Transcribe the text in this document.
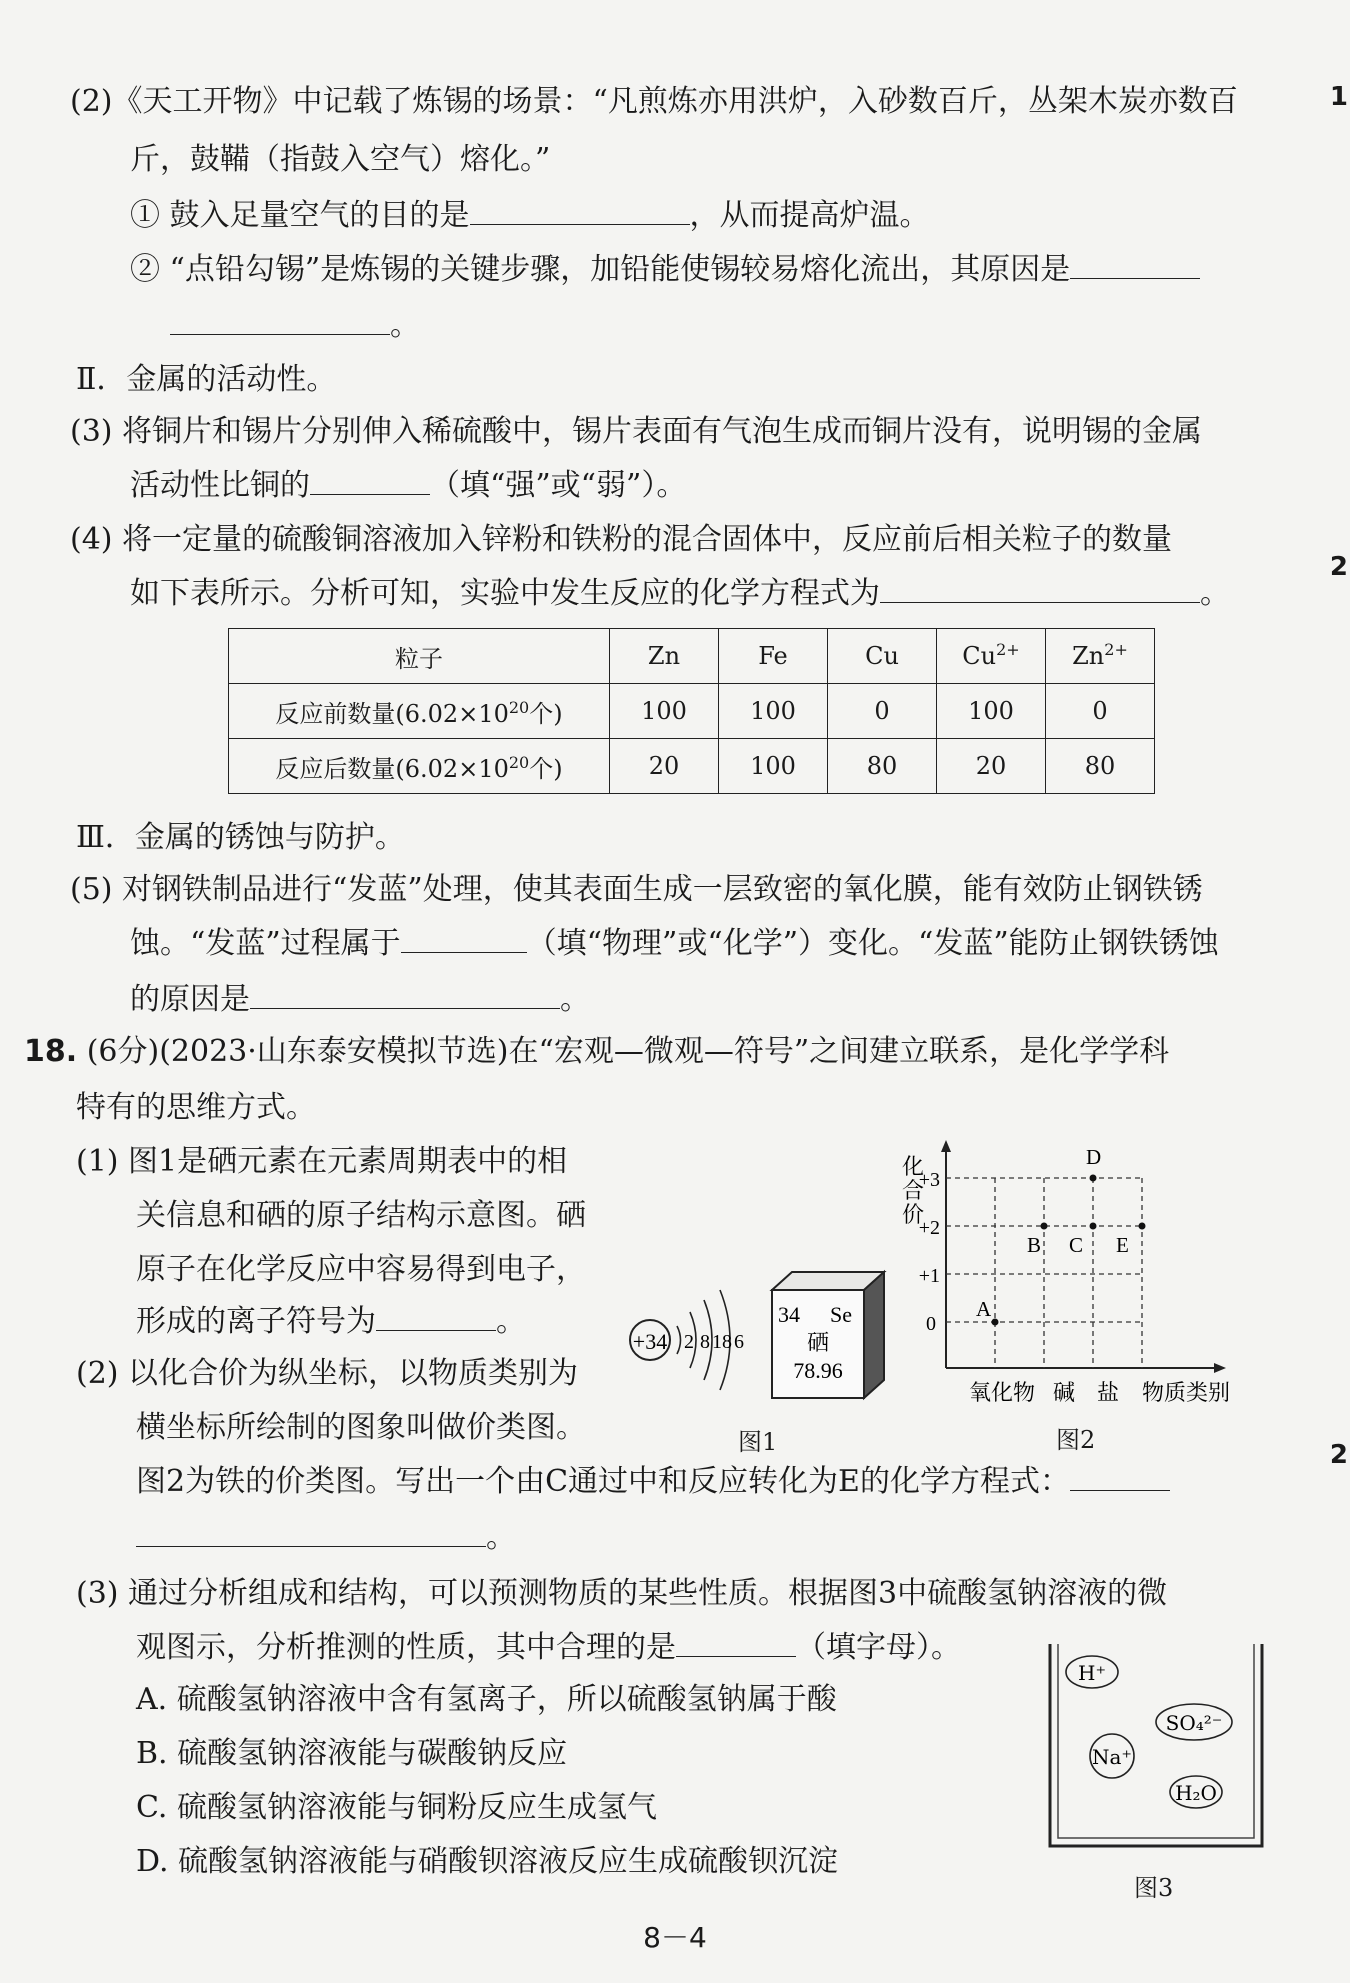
(2)《天工开物》中记载了炼锡的场景：“凡煎炼亦用洪炉，入砂数百斤，丛架木炭亦数百
斤，鼓鞴（指鼓入空气）熔化。”
① 鼓入足量空气的目的是	，从而提高炉温。
② “点铅勾锡”是炼锡的关键步骤，加铅能使锡较易熔化流出，其原因是
。
Ⅱ．金属的活动性。
(3) 将铜片和锡片分别伸入稀硫酸中，锡片表面有气泡生成而铜片没有，说明锡的金属
活动性比铜的	（填“强”或“弱”）。
(4) 将一定量的硫酸铜溶液加入锌粉和铁粉的混合固体中，反应前后相关粒子的数量
如下表所示。分析可知，实验中发生反应的化学方程式为	。
粒子	Zn	Fe	Cu	$Cu^{2+}$	$Zn^{2+}$
反应前数量($6.02\times 10^{20}$个)	100	100	0	100	0
反应后数量($6.02\times 10^{20}$个)	20	100	80	20	80
Ⅲ．金属的锈蚀与防护。
(5) 对钢铁制品进行“发蓝”处理，使其表面生成一层致密的氧化膜，能有效防止钢铁锈
蚀。“发蓝”过程属于	（填“物理”或“化学”）变化。“发蓝”能防止钢铁锈蚀
的原因是	。
18. (6分)(2023·山东泰安模拟节选)在“宏观—微观—符号”之间建立联系，是化学学科
特有的思维方式。
(1) 图1是硒元素在元素周期表中的相
关信息和硒的原子结构示意图。硒
原子在化学反应中容易得到电子，
形成的离子符号为	。
(2) 以化合价为纵坐标，以物质类别为
横坐标所绘制的图象叫做价类图。
图2为铁的价类图。写出一个由C通过中和反应转化为E的化学方程式：
。
(3) 通过分析组成和结构，可以预测物质的某些性质。根据图3中硫酸氢钠溶液的微
观图示，分析推测的性质，其中合理的是	（填字母）。
A. 硫酸氢钠溶液中含有氢离子，所以硫酸氢钠属于酸
B. 硫酸氢钠溶液能与碳酸钠反应
C. 硫酸氢钠溶液能与铜粉反应生成氢气
D. 硫酸氢钠溶液能与硝酸钡溶液反应生成硫酸钡沉淀
+34 2 8 18 6
34 Se
硒
78.96
图1
化
合
价
+3
+2
+1
0
A
B C
D
E
氧化物 碱 盐 物质类别
图2
H⁺
SO₄²⁻
Na⁺
H₂O
图3
1
2
2
8－4
